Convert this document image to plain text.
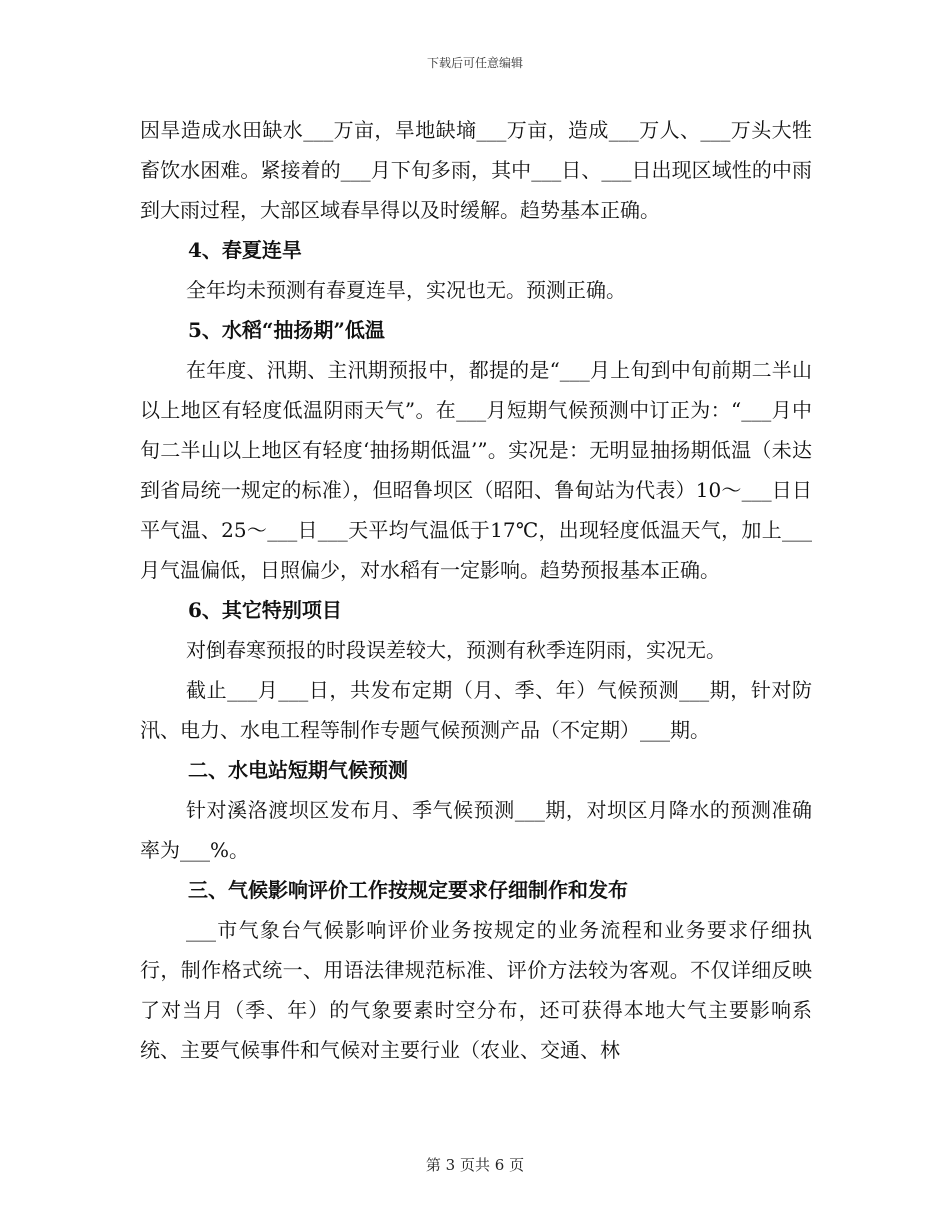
下载后可任意编辑

因旱造成水田缺水___万亩，旱地缺墒___万亩，造成___万人、___万头大牲畜饮水困难。紧接着的___月下旬多雨，其中___日、___日出现区域性的中雨到大雨过程，大部区域春旱得以及时缓解。趋势基本正确。

4、春夏连旱

全年均未预测有春夏连旱，实况也无。预测正确。

5、水稻“抽扬期”低温

在年度、汛期、主汛期预报中，都提的是“___月上旬到中旬前期二半山以上地区有轻度低温阴雨天气”。在___月短期气候预测中订正为：“___月中旬二半山以上地区有轻度‘抽扬期低温’”。实况是：无明显抽扬期低温（未达到省局统一规定的标准），但昭鲁坝区（昭阳、鲁甸站为代表）10～___日日平气温、25～___日___天平均气温低于17℃，出现轻度低温天气，加上___月气温偏低，日照偏少，对水稻有一定影响。趋势预报基本正确。

6、其它特别项目

对倒春寒预报的时段误差较大，预测有秋季连阴雨，实况无。

截止___月___日，共发布定期（月、季、年）气候预测___期，针对防汛、电力、水电工程等制作专题气候预测产品（不定期）___期。

二、水电站短期气候预测

针对溪洛渡坝区发布月、季气候预测___期，对坝区月降水的预测准确率为___%。

三、气候影响评价工作按规定要求仔细制作和发布

___市气象台气候影响评价业务按规定的业务流程和业务要求仔细执行，制作格式统一、用语法律规范标准、评价方法较为客观。不仅详细反映了对当月（季、年）的气象要素时空分布，还可获得本地大气主要影响系统、主要气候事件和气候对主要行业（农业、交通、林

第 3 页共 6 页
